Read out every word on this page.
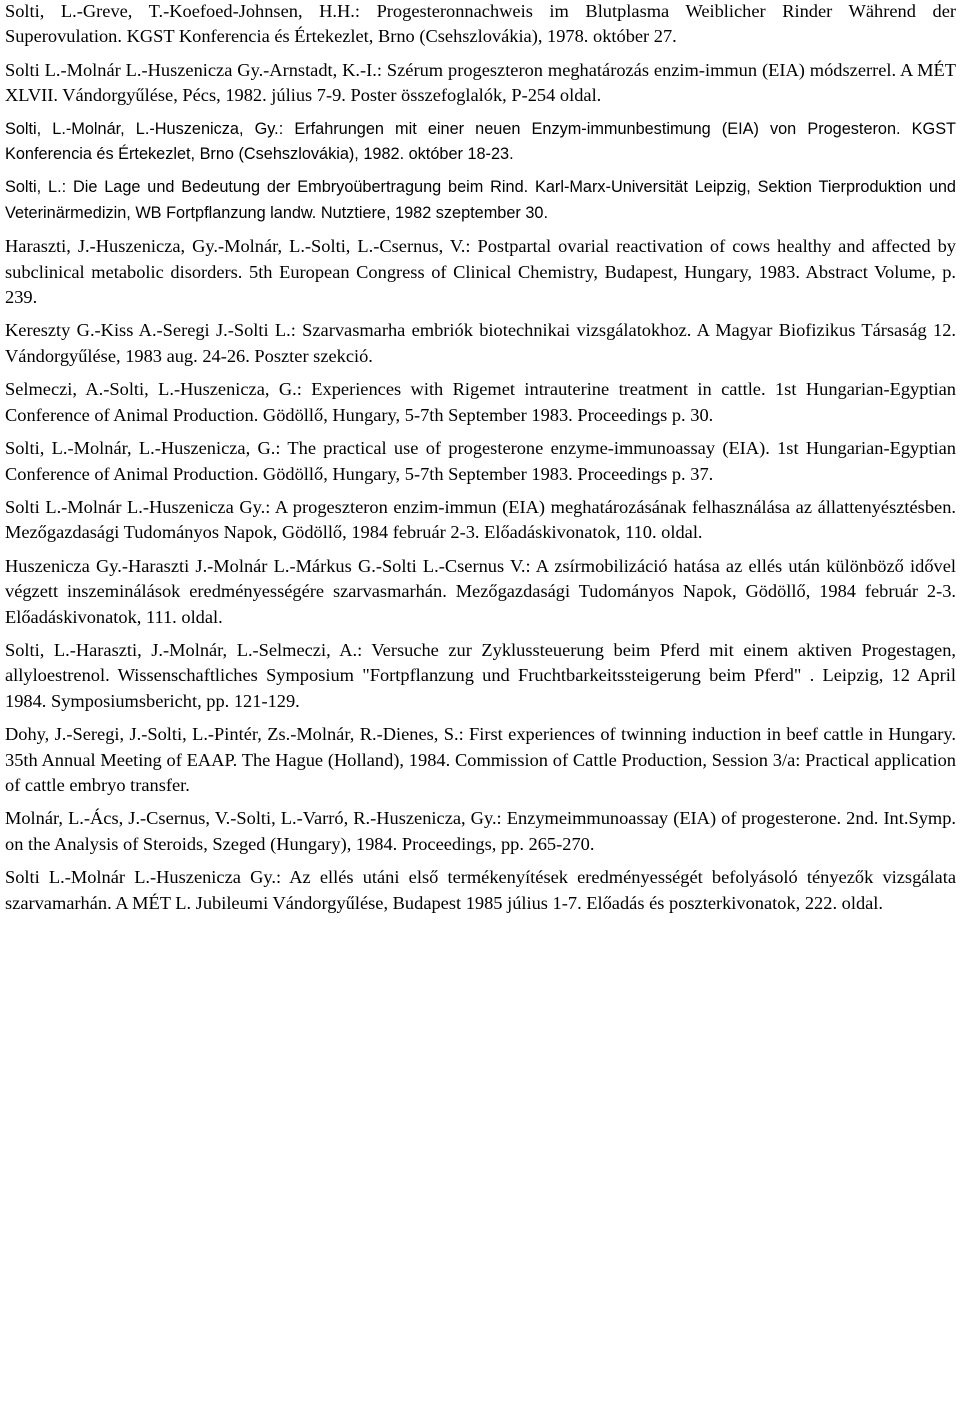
Solti, L.-Greve, T.-Koefoed-Johnsen, H.H.: Progesteronnachweis im Blutplasma Weiblicher Rinder Während der Superovulation. KGST Konferencia és Értekezlet, Brno (Csehszlovákia), 1978. október 27.

Solti L.-Molnár L.-Huszenicza Gy.-Arnstadt, K.-I.: Szérum progeszteron meghatározás enzim-immun (EIA) módszerrel. A MÉT XLVII. Vándorgyűlése, Pécs, 1982. július 7-9. Poster összefoglalók, P-254 oldal.

Solti, L.-Molnár, L.-Huszenicza, Gy.: Erfahrungen mit einer neuen Enzym-immunbestimung (EIA) von Progesteron. KGST Konferencia és Értekezlet, Brno (Csehszlovákia), 1982. október 18-23.

Solti, L.: Die Lage und Bedeutung der Embryoübertragung beim Rind. Karl-Marx-Universität Leipzig, Sektion Tierproduktion und Veterinärmedizin, WB Fortpflanzung landw. Nutztiere, 1982 szeptember 30.

Haraszti, J.-Huszenicza, Gy.-Molnár, L.-Solti, L.-Csernus, V.: Postpartal ovarial reactivation of cows healthy and affected by subclinical metabolic disorders. 5th European Congress of Clinical Chemistry, Budapest, Hungary, 1983. Abstract Volume, p. 239.

Kereszty G.-Kiss A.-Seregi J.-Solti L.: Szarvasmarha embriók biotechnikai vizsgálatokhoz. A Magyar Biofizikus Társaság 12. Vándorgyűlése, 1983 aug. 24-26. Poszter szekció.

Selmeczi, A.-Solti, L.-Huszenicza, G.: Experiences with Rigemet intrauterine treatment in cattle. 1st Hungarian-Egyptian Conference of Animal Production. Gödöllő, Hungary, 5-7th September 1983. Proceedings p. 30.

Solti, L.-Molnár, L.-Huszenicza, G.: The practical use of progesterone enzyme-immunoassay (EIA). 1st Hungarian-Egyptian Conference of Animal Production. Gödöllő, Hungary, 5-7th September 1983. Proceedings p. 37.

Solti L.-Molnár L.-Huszenicza Gy.: A progeszteron enzim-immun (EIA) meghatározásának felhasználása az állattenyésztésben. Mezőgazdasági Tudományos Napok, Gödöllő, 1984 február 2-3. Előadáskivonatok, 110. oldal.

Huszenicza Gy.-Haraszti J.-Molnár L.-Márkus G.-Solti L.-Csernus V.: A zsírmobilizáció hatása az ellés után különböző idővel végzett inszeminálások eredményességére szarvasmarhán. Mezőgazdasági Tudományos Napok, Gödöllő, 1984 február 2-3. Előadáskivonatok, 111. oldal.

Solti, L.-Haraszti, J.-Molnár, L.-Selmeczi, A.: Versuche zur Zyklussteuerung beim Pferd mit einem aktiven Progestagen, allyloestrenol. Wissenschaftliches Symposium "Fortpflanzung und Fruchtbarkeitssteigerung beim Pferd" . Leipzig, 12 April 1984. Symposiumsbericht, pp. 121-129.

Dohy, J.-Seregi, J.-Solti, L.-Pintér, Zs.-Molnár, R.-Dienes, S.: First experiences of twinning induction in beef cattle in Hungary. 35th Annual Meeting of EAAP. The Hague (Holland), 1984. Commission of Cattle Production, Session 3/a: Practical application of cattle embryo transfer.

Molnár, L.-Ács, J.-Csernus, V.-Solti, L.-Varró, R.-Huszenicza, Gy.: Enzymeimmunoassay (EIA) of progesterone. 2nd. Int.Symp. on the Analysis of Steroids, Szeged (Hungary), 1984. Proceedings, pp. 265-270.

Solti L.-Molnár L.-Huszenicza Gy.: Az ellés utáni első termékenyítések eredményességét befolyásoló tényezők vizsgálata szarvamarhán. A MÉT L. Jubileumi Vándorgyűlése, Budapest 1985 július 1-7. Előadás és poszterkivonatok, 222. oldal.
